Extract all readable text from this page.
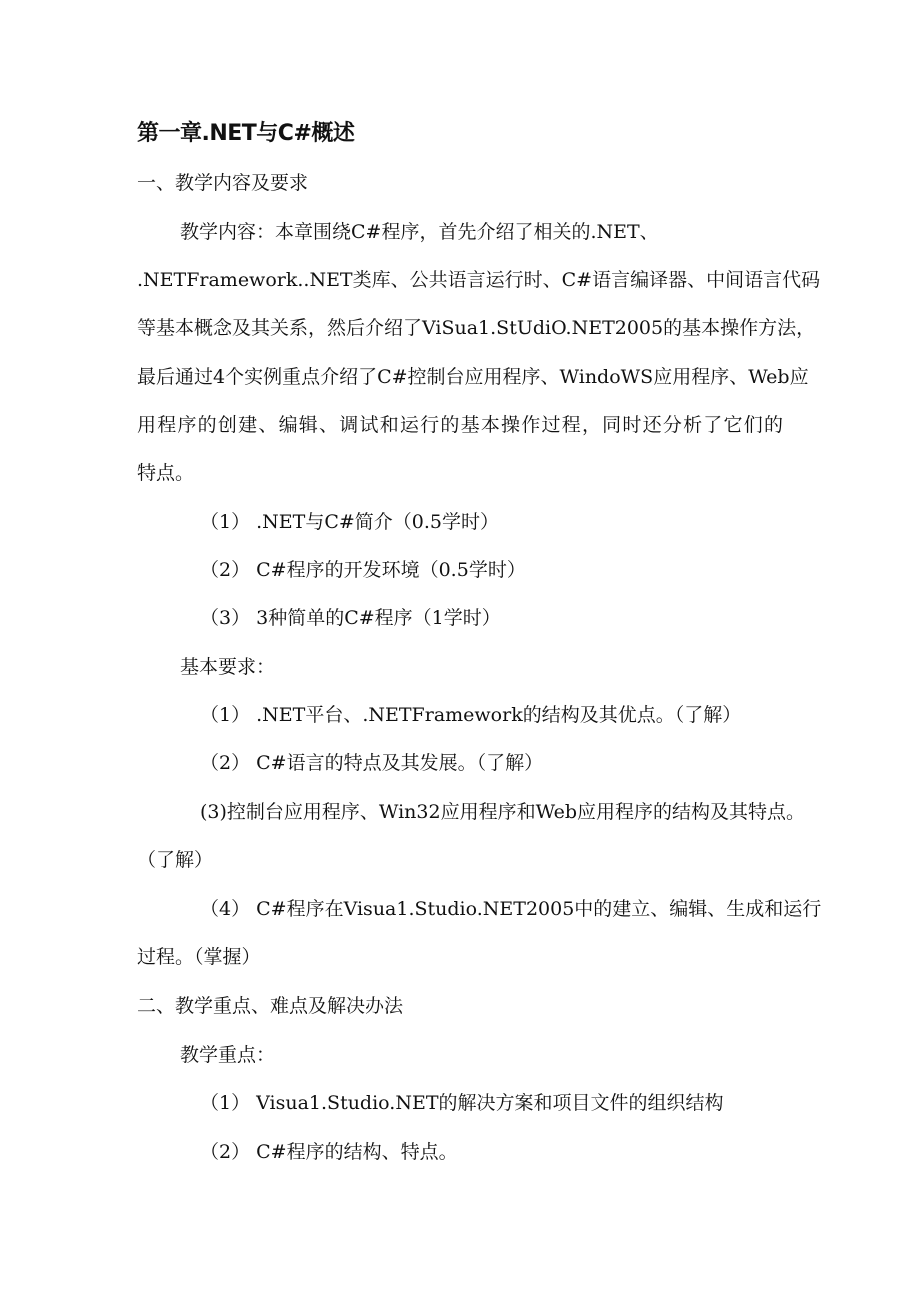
第一章.NET与C#概述
一、教学内容及要求
教学内容：本章围绕C#程序，首先介绍了相关的.NET、
.NETFramework..NET类库、公共语言运行时、C#语言编译器、中间语言代码
等基本概念及其关系，然后介绍了ViSua1.StUdiO.NET2005的基本操作方法，
最后通过4个实例重点介绍了C#控制台应用程序、WindoWS应用程序、Web应
用程序的创建、编辑、调试和运行的基本操作过程，同时还分析了它们的
特点。
（1） .NET与C#简介（0.5学时）
（2） C#程序的开发环境（0.5学时）
（3） 3种简单的C#程序（1学时）
基本要求：
（1） .NET平台、.NETFramework的结构及其优点。（了解）
（2） C#语言的特点及其发展。（了解）
(3)控制台应用程序、Win32应用程序和Web应用程序的结构及其特点。
（了解）
（4） C#程序在Visua1.Studio.NET2005中的建立、编辑、生成和运行
过程。（掌握）
二、教学重点、难点及解决办法
教学重点：
（1） Visua1.Studio.NET的解决方案和项目文件的组织结构
（2） C#程序的结构、特点。
